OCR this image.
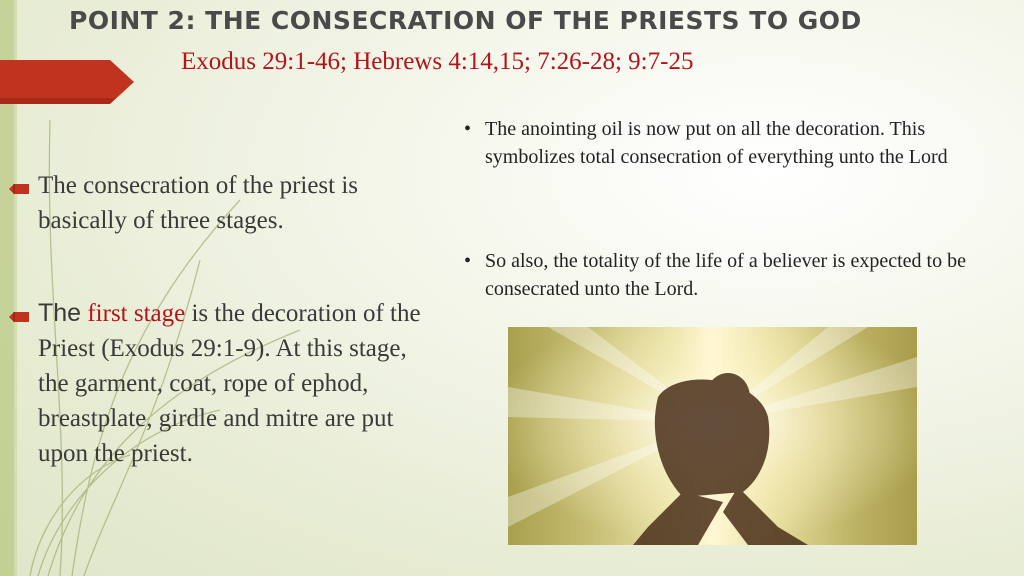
POINT 2: THE CONSECRATION OF THE PRIESTS TO GOD
Exodus 29:1-46; Hebrews 4:14,15; 7:26-28; 9:7-25

The consecration of the priest is basically of three stages.

The first stage is the decoration of the Priest (Exodus 29:1-9). At this stage, the garment, coat, rope of ephod, breastplate, girdle and mitre are put upon the priest.

• The anointing oil is now put on all the decoration. This symbolizes total consecration of everything unto the Lord
• So also, the totality of the life of a believer is expected to be consecrated unto the Lord.
